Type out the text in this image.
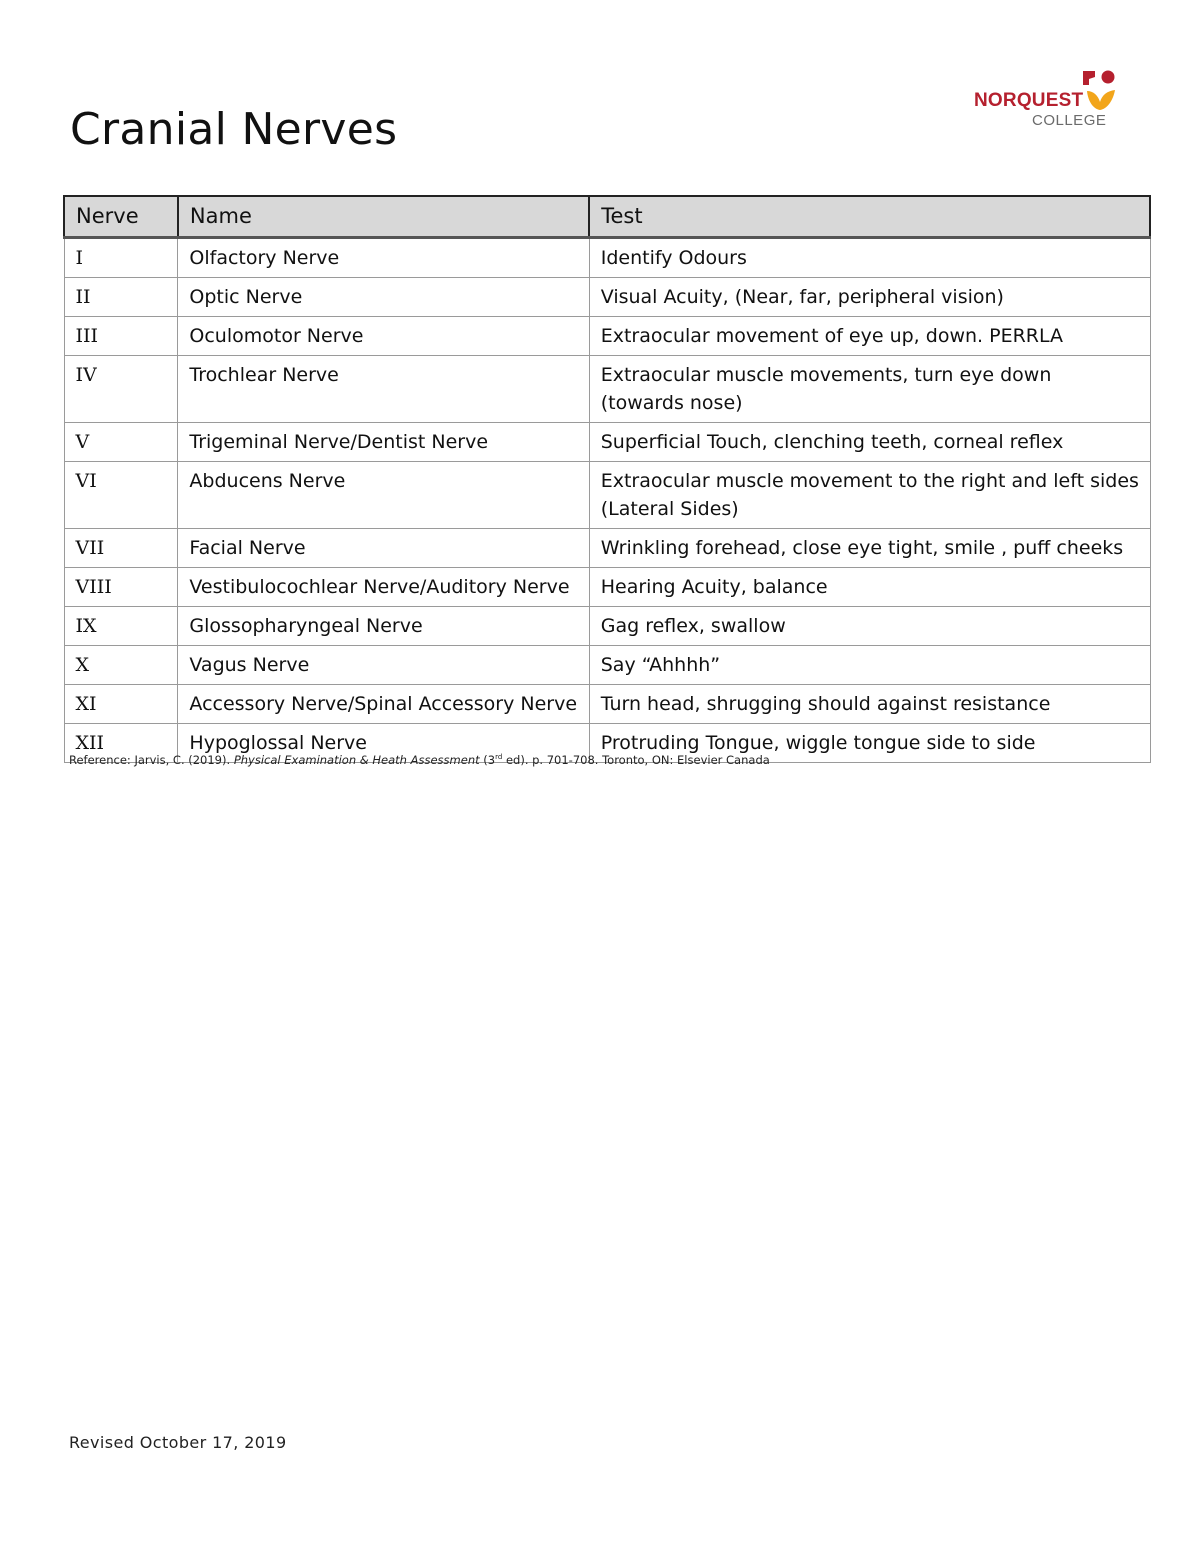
NORQUEST
COLLEGE
Cranial Nerves
Nerve	Name	Test
I	Olfactory Nerve	Identify Odours
II	Optic Nerve	Visual Acuity, (Near, far, peripheral vision)
III	Oculomotor Nerve	Extraocular movement of eye up, down. PERRLA
IV	Trochlear Nerve	Extraocular muscle movements, turn eye down (towards nose)
V	Trigeminal Nerve/Dentist Nerve	Superficial Touch, clenching teeth, corneal reflex
VI	Abducens Nerve	Extraocular muscle movement to the right and left sides (Lateral Sides)
VII	Facial Nerve	Wrinkling forehead, close eye tight, smile , puff cheeks
VIII	Vestibulocochlear Nerve/Auditory Nerve	Hearing Acuity, balance
IX	Glossopharyngeal Nerve	Gag reflex, swallow
X	Vagus Nerve	Say “Ahhhh”
XI	Accessory Nerve/Spinal Accessory Nerve	Turn head, shrugging should against resistance
XII	Hypoglossal Nerve	Protruding Tongue, wiggle tongue side to side
Reference: Jarvis, C. (2019). Physical Examination & Heath Assessment (3rd ed). p. 701-708. Toronto, ON: Elsevier Canada
Revised October 17, 2019
